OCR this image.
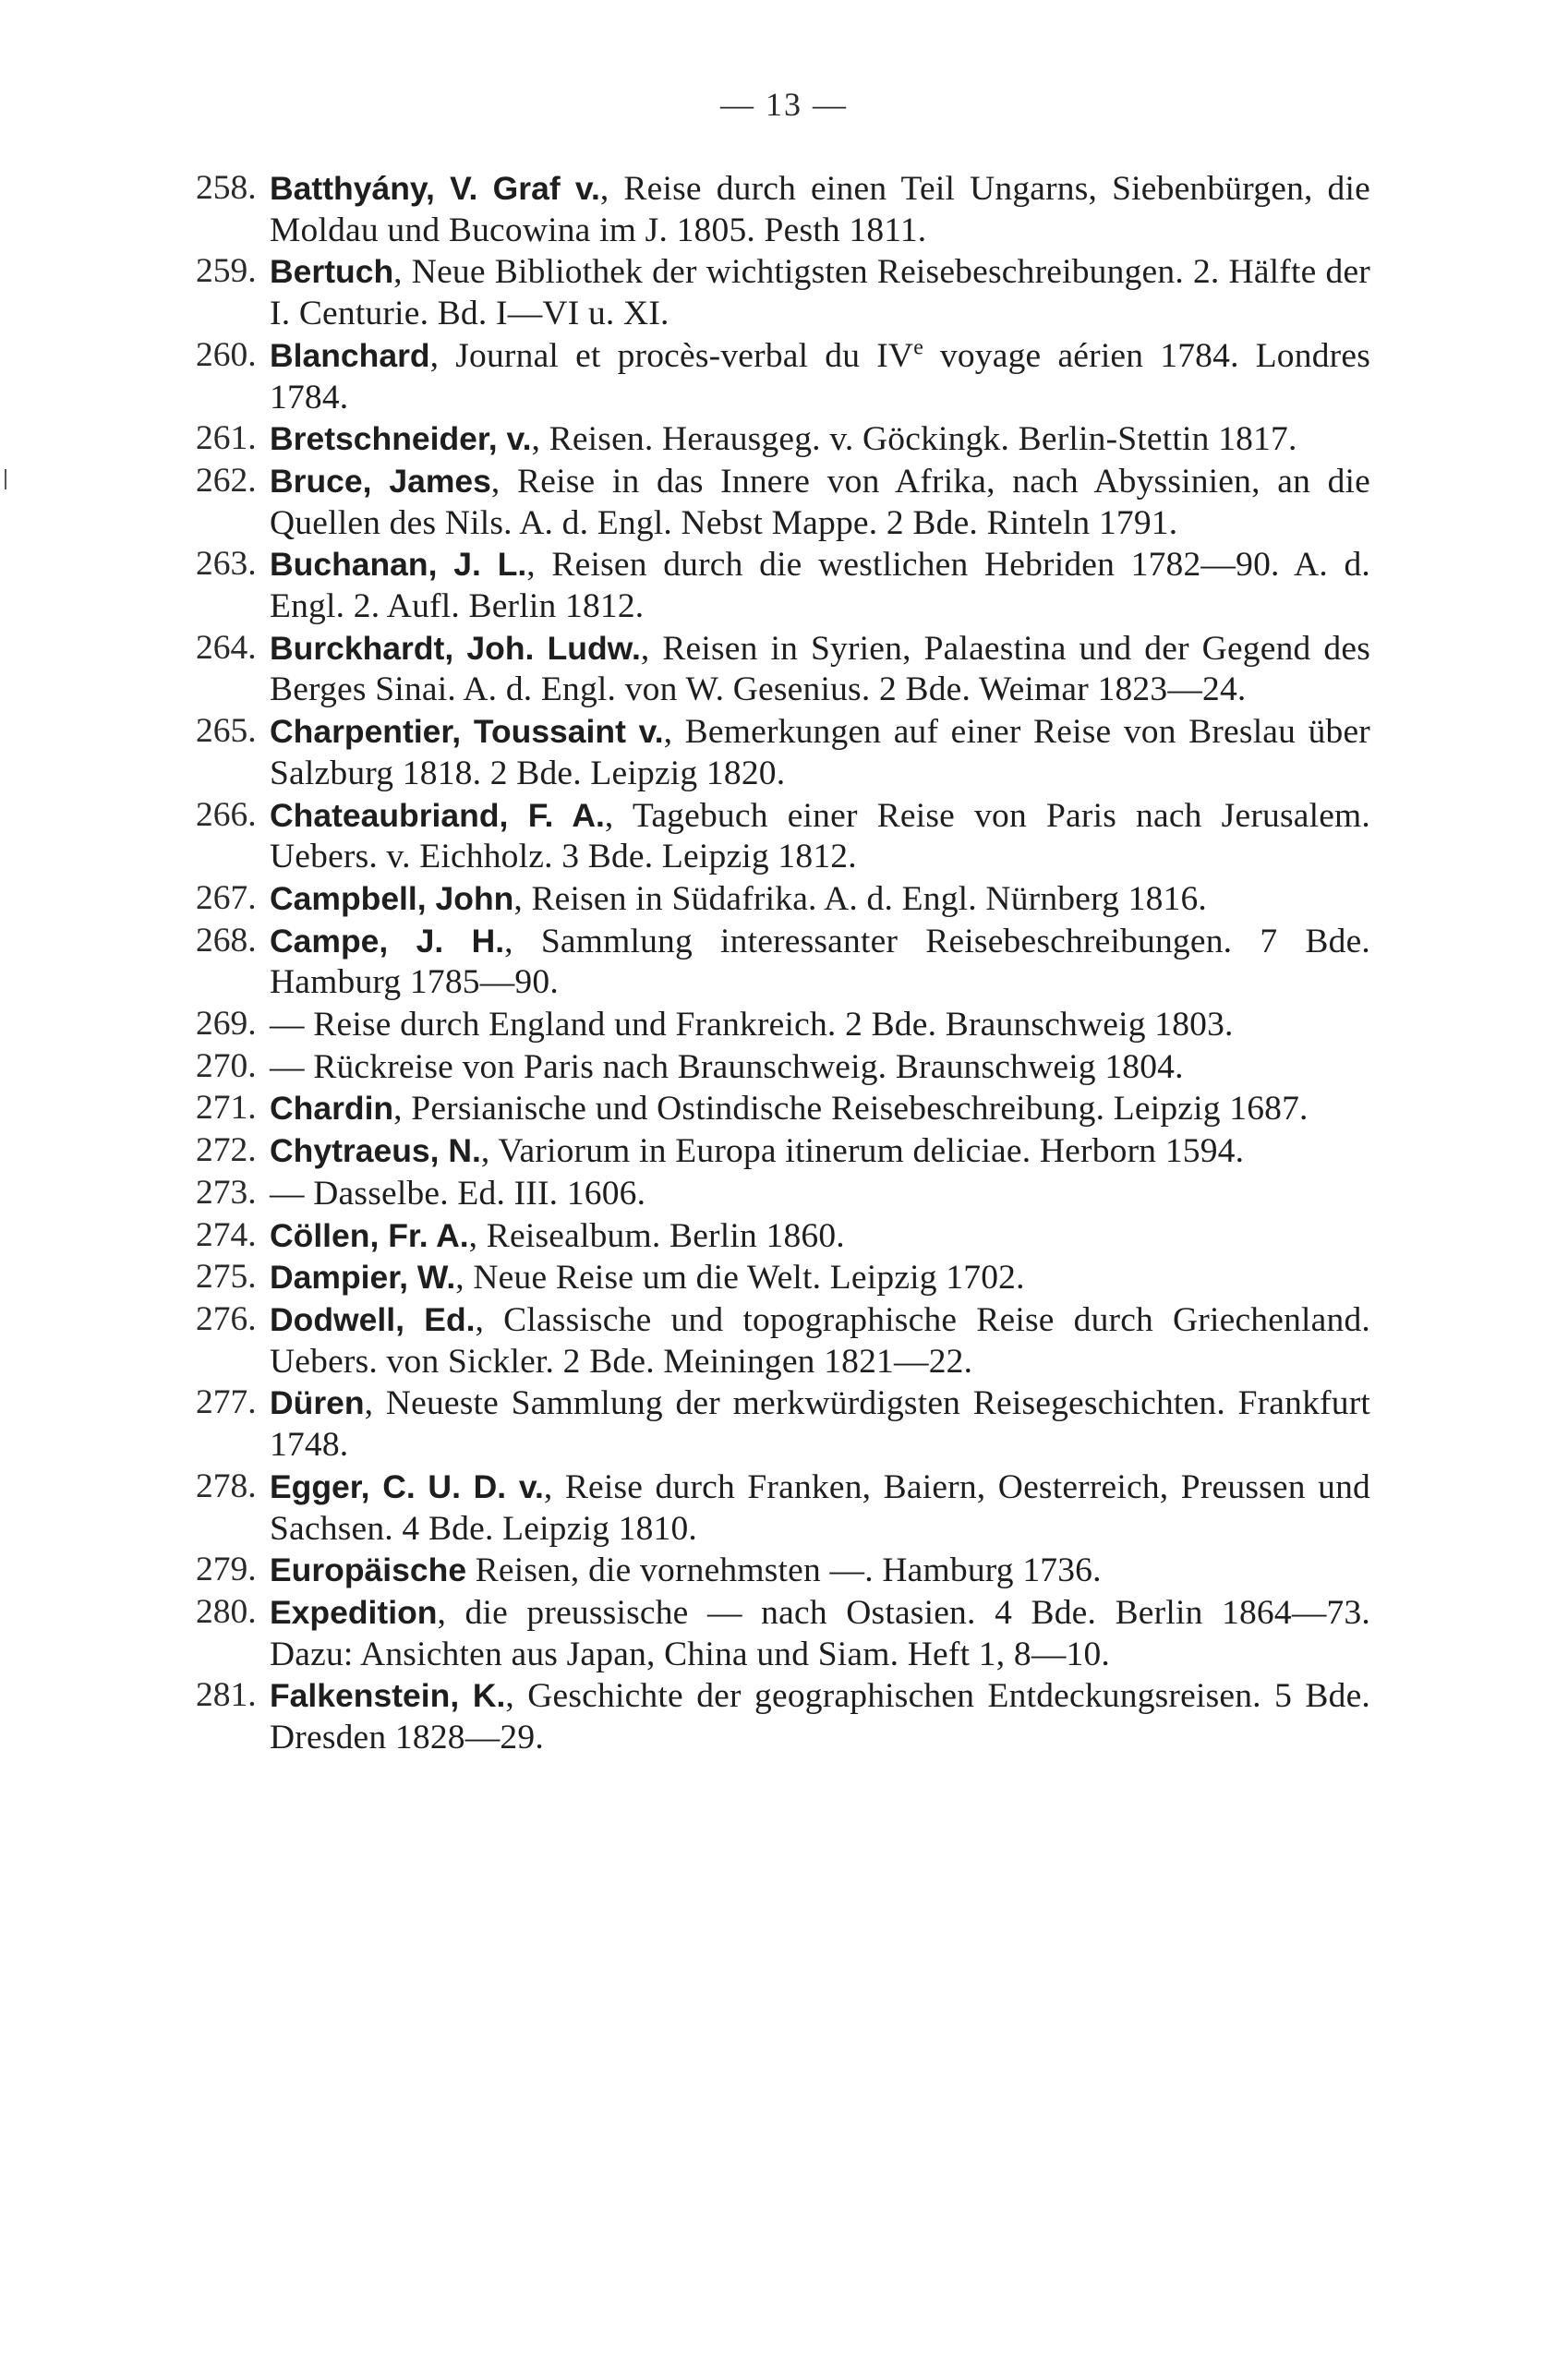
— 13 —
258. Batthyány, V. Graf v., Reise durch einen Teil Ungarns, Siebenbürgen, die Moldau und Bucowina im J. 1805. Pesth 1811.
259. Bertuch, Neue Bibliothek der wichtigsten Reisebeschreibungen. 2. Hälfte der I. Centurie. Bd. I—VI u. XI.
260. Blanchard, Journal et procès-verbal du IVe voyage aérien 1784. Londres 1784.
261. Bretschneider, v., Reisen. Herausgeg. v. Göckingk. Berlin-Stettin 1817.
262. Bruce, James, Reise in das Innere von Afrika, nach Abyssinien, an die Quellen des Nils. A. d. Engl. Nebst Mappe. 2 Bde. Rinteln 1791.
263. Buchanan, J. L., Reisen durch die westlichen Hebriden 1782—90. A. d. Engl. 2. Aufl. Berlin 1812.
264. Burckhardt, Joh. Ludw., Reisen in Syrien, Palaestina und der Gegend des Berges Sinai. A. d. Engl. von W. Gesenius. 2 Bde. Weimar 1823—24.
265. Charpentier, Toussaint v., Bemerkungen auf einer Reise von Breslau über Salzburg 1818. 2 Bde. Leipzig 1820.
266. Chateaubriand, F. A., Tagebuch einer Reise von Paris nach Jerusalem. Uebers. v. Eichholz. 3 Bde. Leipzig 1812.
267. Campbell, John, Reisen in Südafrika. A. d. Engl. Nürnberg 1816.
268. Campe, J. H., Sammlung interessanter Reisebeschreibungen. 7 Bde. Hamburg 1785—90.
269. — Reise durch England und Frankreich. 2 Bde. Braunschweig 1803.
270. — Rückreise von Paris nach Braunschweig. Braunschweig 1804.
271. Chardin, Persianische und Ostindische Reisebeschreibung. Leipzig 1687.
272. Chytraeus, N., Variorum in Europa itinerum deliciae. Herborn 1594.
273. — Dasselbe. Ed. III. 1606.
274. Cöllen, Fr. A., Reisealbum. Berlin 1860.
275. Dampier, W., Neue Reise um die Welt. Leipzig 1702.
276. Dodwell, Ed., Classische und topographische Reise durch Griechenland. Uebers. von Sickler. 2 Bde. Meiningen 1821—22.
277. Düren, Neueste Sammlung der merkwürdigsten Reisegeschichten. Frankfurt 1748.
278. Egger, C. U. D. v., Reise durch Franken, Baiern, Oesterreich, Preussen und Sachsen. 4 Bde. Leipzig 1810.
279. Europäische Reisen, die vornehmsten —. Hamburg 1736.
280. Expedition, die preussische — nach Ostasien. 4 Bde. Berlin 1864—73. Dazu: Ansichten aus Japan, China und Siam. Heft 1, 8—10.
281. Falkenstein, K., Geschichte der geographischen Entdeckungsreisen. 5 Bde. Dresden 1828—29.
